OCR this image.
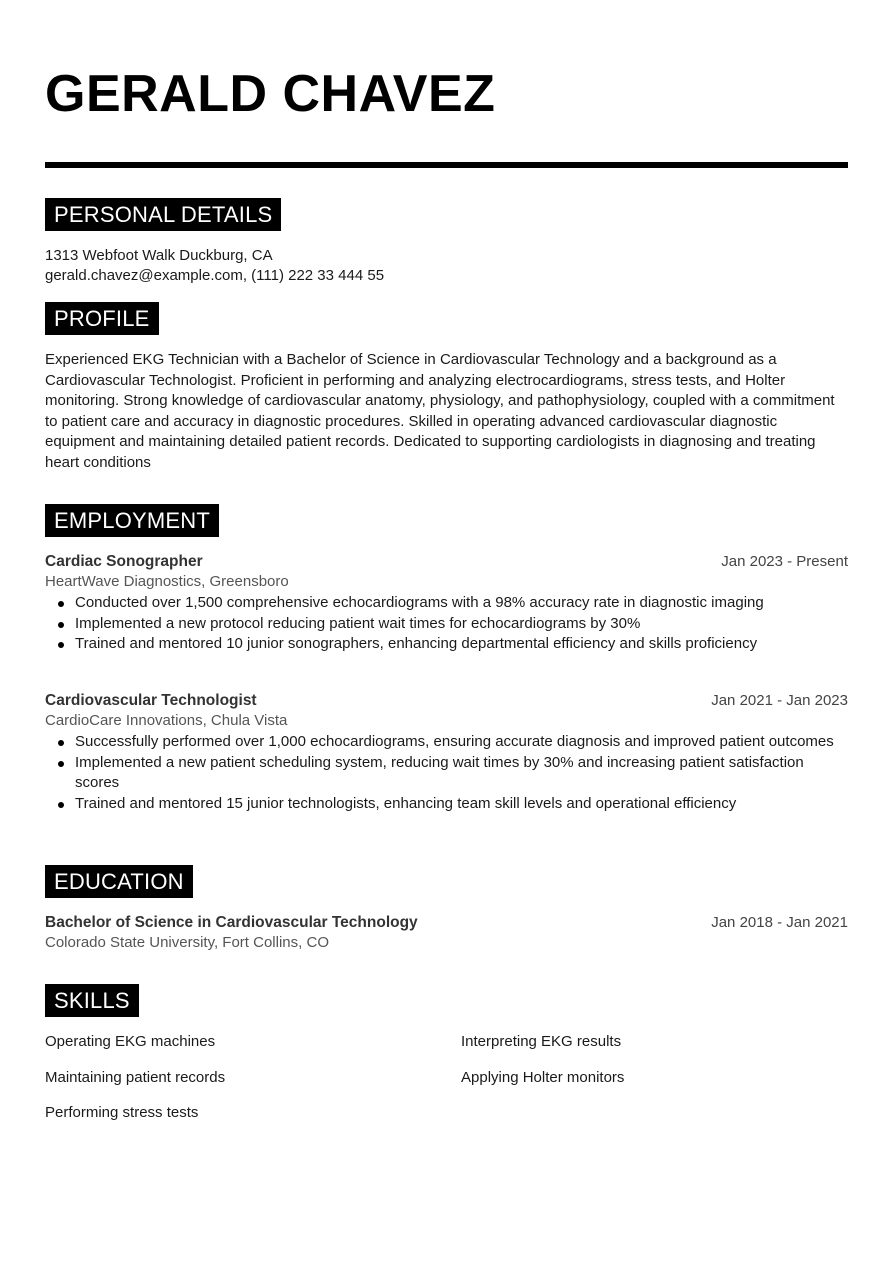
GERALD CHAVEZ
PERSONAL DETAILS
1313 Webfoot Walk Duckburg, CA
gerald.chavez@example.com, (111) 222 33 444 55
PROFILE
Experienced EKG Technician with a Bachelor of Science in Cardiovascular Technology and a background as a Cardiovascular Technologist. Proficient in performing and analyzing electrocardiograms, stress tests, and Holter monitoring. Strong knowledge of cardiovascular anatomy, physiology, and pathophysiology, coupled with a commitment to patient care and accuracy in diagnostic procedures. Skilled in operating advanced cardiovascular diagnostic equipment and maintaining detailed patient records. Dedicated to supporting cardiologists in diagnosing and treating heart conditions
EMPLOYMENT
Cardiac Sonographer	Jan 2023 - Present
HeartWave Diagnostics, Greensboro
Conducted over 1,500 comprehensive echocardiograms with a 98% accuracy rate in diagnostic imaging
Implemented a new protocol reducing patient wait times for echocardiograms by 30%
Trained and mentored 10 junior sonographers, enhancing departmental efficiency and skills proficiency
Cardiovascular Technologist	Jan 2021 - Jan 2023
CardioCare Innovations, Chula Vista
Successfully performed over 1,000 echocardiograms, ensuring accurate diagnosis and improved patient outcomes
Implemented a new patient scheduling system, reducing wait times by 30% and increasing patient satisfaction scores
Trained and mentored 15 junior technologists, enhancing team skill levels and operational efficiency
EDUCATION
Bachelor of Science in Cardiovascular Technology	Jan 2018 - Jan 2021
Colorado State University, Fort Collins, CO
SKILLS
Operating EKG machines	Interpreting EKG results
Maintaining patient records	Applying Holter monitors
Performing stress tests
